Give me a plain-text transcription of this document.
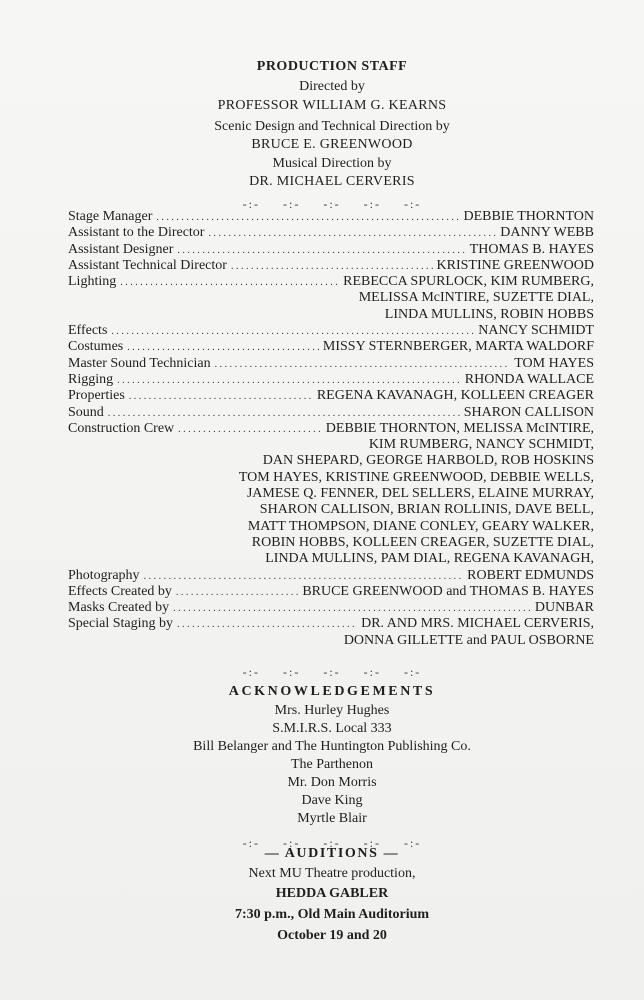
PRODUCTION STAFF

Directed by

PROFESSOR WILLIAM G. KEARNS

Scenic Design and Technical Direction by

BRUCE E. GREENWOOD

Musical Direction by

DR. MICHAEL CERVERIS

-:- -:- -:- -:- -:-

Stage Manager . . .	DEBBIE THORNTON
Assistant to the Director . . .	DANNY WEBB
Assistant Designer . . .	THOMAS B. HAYES
Assistant Technical Director . . .	KRISTINE GREENWOOD
Lighting . . .	REBECCA SPURLOCK, KIM RUMBERG,
MELISSA McINTIRE, SUZETTE DIAL,
LINDA MULLINS, ROBIN HOBBS
Effects . . .	NANCY SCHMIDT
Costumes . . .	MISSY STERNBERGER, MARTA WALDORF
Master Sound Technician . . .	TOM HAYES
Rigging . . .	RHONDA WALLACE
Properties . . .	REGENA KAVANAGH, KOLLEEN CREAGER
Sound . . .	SHARON CALLISON
Construction Crew . . .	DEBBIE THORNTON, MELISSA McINTIRE,
KIM RUMBERG, NANCY SCHMIDT,
DAN SHEPARD, GEORGE HARBOLD, ROB HOSKINS
TOM HAYES, KRISTINE GREENWOOD, DEBBIE WELLS,
JAMESE Q. FENNER, DEL SELLERS, ELAINE MURRAY,
SHARON CALLISON, BRIAN ROLLINIS, DAVE BELL,
MATT THOMPSON, DIANE CONLEY, GEARY WALKER,
ROBIN HOBBS, KOLLEEN CREAGER, SUZETTE DIAL,
LINDA MULLINS, PAM DIAL, REGENA KAVANAGH,
Photography . . .	ROBERT EDMUNDS
Effects Created by . . .	BRUCE GREENWOOD and THOMAS B. HAYES
Masks Created by . . .	DUNBAR
Special Staging by . . .	DR. AND MRS. MICHAEL CERVERIS,
DONNA GILLETTE and PAUL OSBORNE

-:- -:- -:- -:- -:-

ACKNOWLEDGEMENTS

Mrs. Hurley Hughes

S.M.I.R.S. Local 333

Bill Belanger and The Huntington Publishing Co.

The Parthenon

Mr. Don Morris

Dave King

Myrtle Blair

-:- -:- -:- -:- -:-

— AUDITIONS —

Next MU Theatre production,

HEDDA GABLER

7:30 p.m., Old Main Auditorium

October 19 and 20
